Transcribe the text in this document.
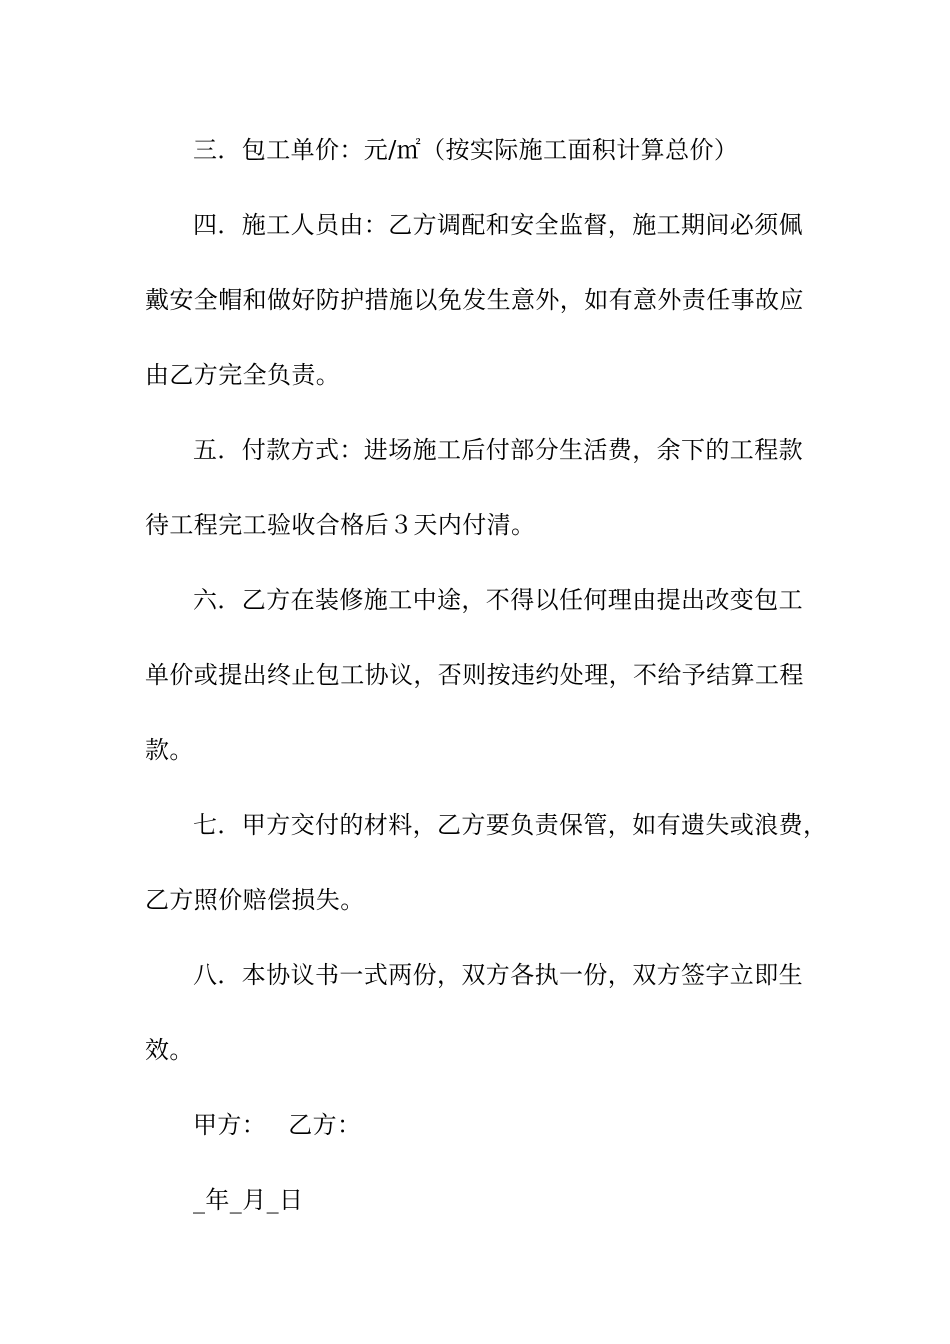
三．包工单价：元/㎡（按实际施工面积计算总价）
四．施工人员由：乙方调配和安全监督，施工期间必须佩
戴安全帽和做好防护措施以免发生意外，如有意外责任事故应
由乙方完全负责。
五．付款方式：进场施工后付部分生活费，余下的工程款
待工程完工验收合格后３天内付清。
六．乙方在装修施工中途，不得以任何理由提出改变包工
单价或提出终止包工协议，否则按违约处理，不给予结算工程
款。
七．甲方交付的材料，乙方要负责保管，如有遗失或浪费，
乙方照价赔偿损失。
八．本协议书一式两份，双方各执一份，双方签字立即生
效。
甲方： 乙方：
_年_月_日
